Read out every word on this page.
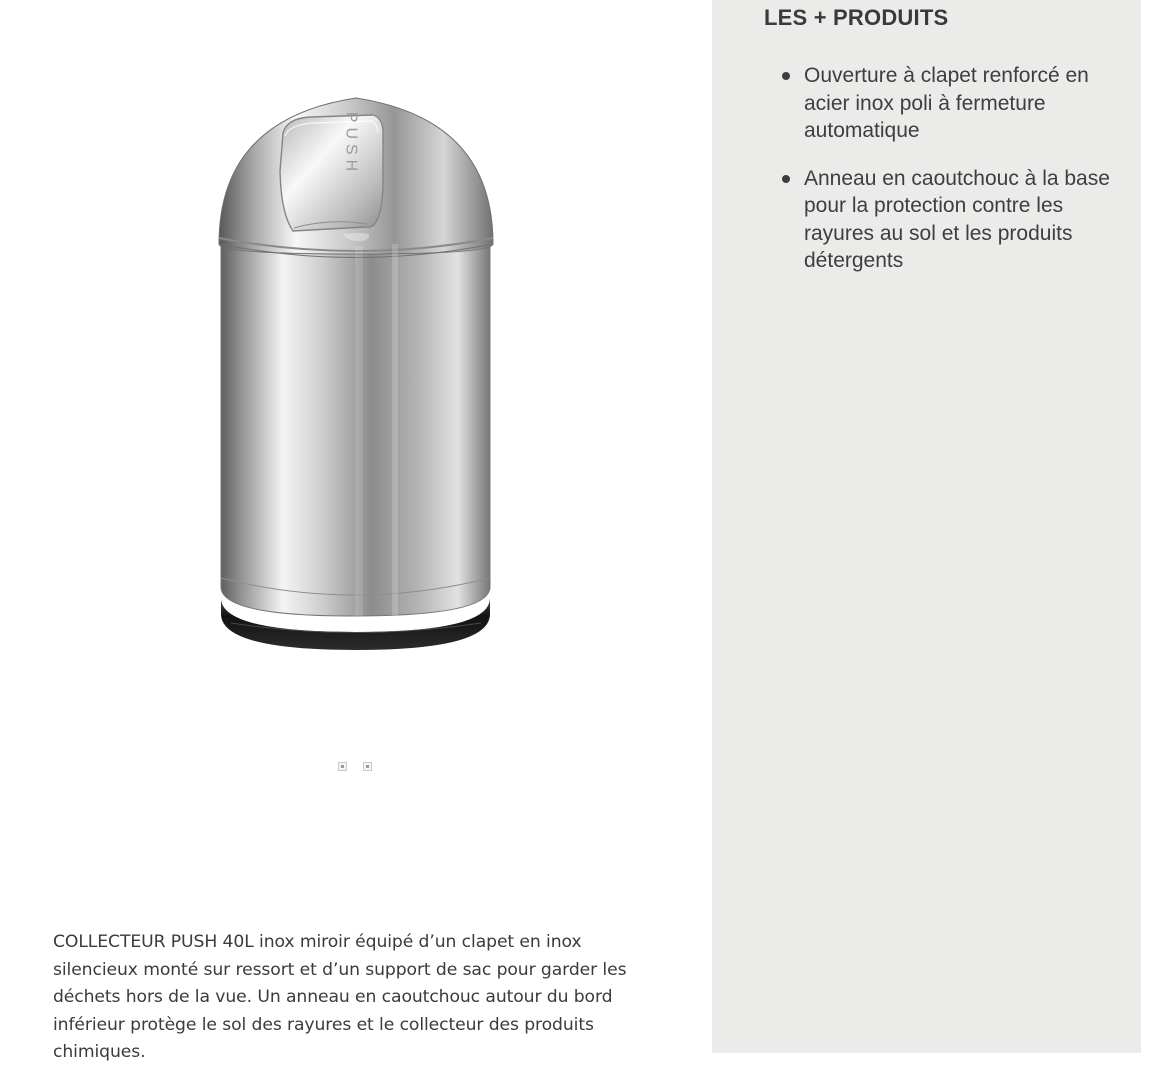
PUSH

COLLECTEUR PUSH 40L inox miroir équipé d’un clapet en inox silencieux monté sur ressort et d’un support de sac pour garder les déchets hors de la vue. Un anneau en caoutchouc autour du bord inférieur protège le sol des rayures et le collecteur des produits chimiques.

LES + PRODUITS
Ouverture à clapet renforcé en acier inox poli à fermeture automatique
Anneau en caoutchouc à la base pour la protection contre les rayures au sol et les produits détergents
